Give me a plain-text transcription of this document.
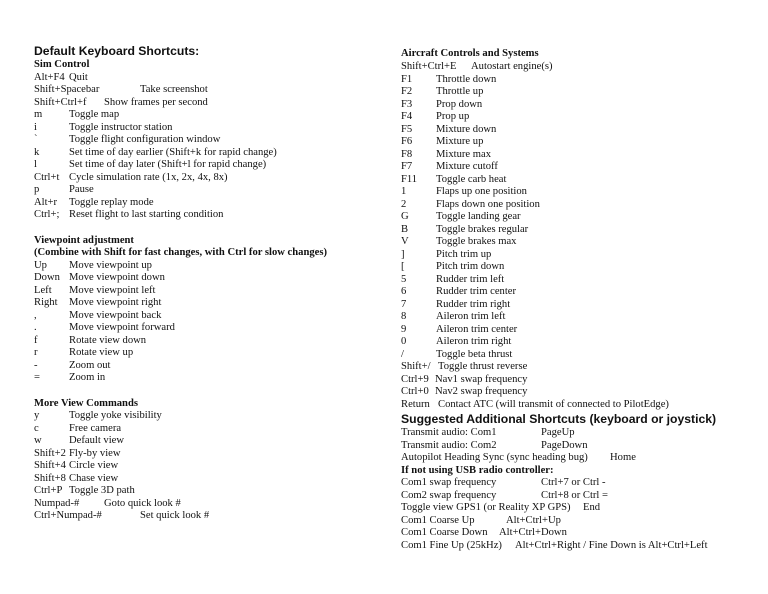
Default Keyboard Shortcuts:
Sim Control
Alt+F4 Quit
Shift+Spacebar	Take screenshot
Shift+Ctrl+f Show frames per second
m	Toggle map
i	Toggle instructor station
`	Toggle flight configuration window
k	Set time of day earlier (Shift+k for rapid change)
l	Set time of day later (Shift+l for rapid change)
Ctrl+t Cycle simulation rate (1x, 2x, 4x, 8x)
p	Pause
Alt+r Toggle replay mode
Ctrl+; Reset flight to last starting condition
Viewpoint adjustment
(Combine with Shift for fast changes, with Ctrl for slow changes)
Up Move viewpoint up
Down Move viewpoint down
Left Move viewpoint left
Right Move viewpoint right
,	Move viewpoint back
.	Move viewpoint forward
f	Rotate view down
r	Rotate view up
-	Zoom out
=	Zoom in
More View Commands
y	Toggle yoke visibility
c	Free camera
w	Default view
Shift+2 Fly-by view
Shift+4 Circle view
Shift+8 Chase view
Ctrl+P Toggle 3D path
Numpad-# Goto quick look #
Ctrl+Numpad-#	Set quick look #
Aircraft Controls and Systems
Shift+Ctrl+E Autostart engine(s)
F1 Throttle down
F2 Throttle up
F3 Prop down
F4 Prop up
F5 Mixture down
F6 Mixture up
F8 Mixture max
F7 Mixture cutoff
F11 Toggle carb heat
1	Flaps up one position
2	Flaps down one position
G	Toggle landing gear
B	Toggle brakes regular
V	Toggle brakes max
]	Pitch trim up
[	Pitch trim down
5	Rudder trim left
6	Rudder trim center
7	Rudder trim right
8	Aileron trim left
9	Aileron trim center
0	Aileron trim right
/	Toggle beta thrust
Shift+/ Toggle thrust reverse
Ctrl+9 Nav1 swap frequency
Ctrl+0 Nav2 swap frequency
Return Contact ATC (will transmit of connected to PilotEdge)
Suggested Additional Shortcuts (keyboard or joystick)
Transmit audio: Com1	PageUp
Transmit audio: Com2	PageDown
Autopilot Heading Sync (sync heading bug) Home
If not using USB radio controller:
Com1 swap frequency	Ctrl+7 or Ctrl -
Com2 swap frequency	Ctrl+8 or Ctrl =
Toggle view GPS1 (or Reality XP GPS) End
Com1 Coarse Up	Alt+Ctrl+Up
Com1 Coarse Down Alt+Ctrl+Down
Com1 Fine Up (25kHz) Alt+Ctrl+Right / Fine Down is Alt+Ctrl+Left
